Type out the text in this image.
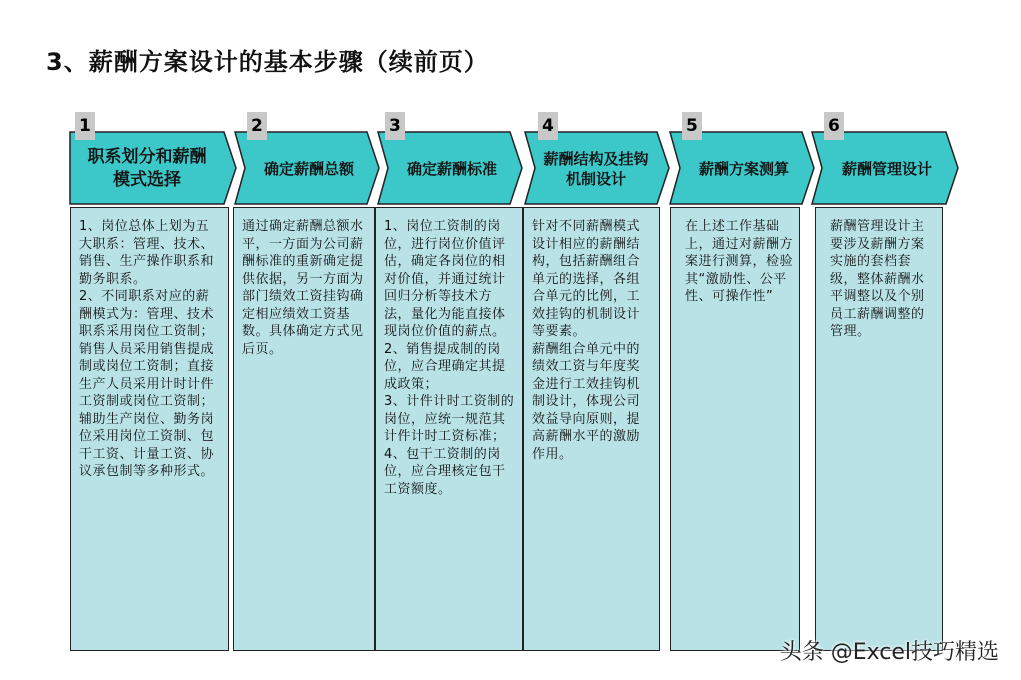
3、薪酬方案设计的基本步骤（续前页）
1
职系划分和薪酬
模式选择
1、岗位总体上划为五大职系：管理、技术、销售、生产操作职系和勤务职系。
2、不同职系对应的薪酬模式为：管理、技术职系采用岗位工资制；销售人员采用销售提成制或岗位工资制；直接生产人员采用计时计件工资制或岗位工资制；辅助生产岗位、勤务岗位采用岗位工资制、包干工资、计量工资、协议承包制等多种形式。
2
确定薪酬总额
通过确定薪酬总额水平，一方面为公司薪酬标准的重新确定提供依据，另一方面为部门绩效工资挂钩确定相应绩效工资基数。具体确定方式见后页。
3
确定薪酬标准
1、岗位工资制的岗位，进行岗位价值评估，确定各岗位的相对价值，并通过统计回归分析等技术方法，量化为能直接体现岗位价值的薪点。
2、销售提成制的岗位，应合理确定其提成政策；
3、计件计时工资制的岗位，应统一规范其计件计时工资标准；
4、包干工资制的岗位，应合理核定包干工资额度。
4
薪酬结构及挂钩
机制设计
针对不同薪酬模式设计相应的薪酬结构，包括薪酬组合单元的选择，各组合单元的比例，工效挂钩的机制设计等要素。
薪酬组合单元中的绩效工资与年度奖金进行工效挂钩机制设计，体现公司效益导向原则，提高薪酬水平的激励作用。
5
薪酬方案测算
在上述工作基础上，通过对薪酬方案进行测算，检验其“激励性、公平性、可操作性”
6
薪酬管理设计
薪酬管理设计主要涉及薪酬方案实施的套档套级，整体薪酬水平调整以及个别员工薪酬调整的管理。
头条 @Excel技巧精选
